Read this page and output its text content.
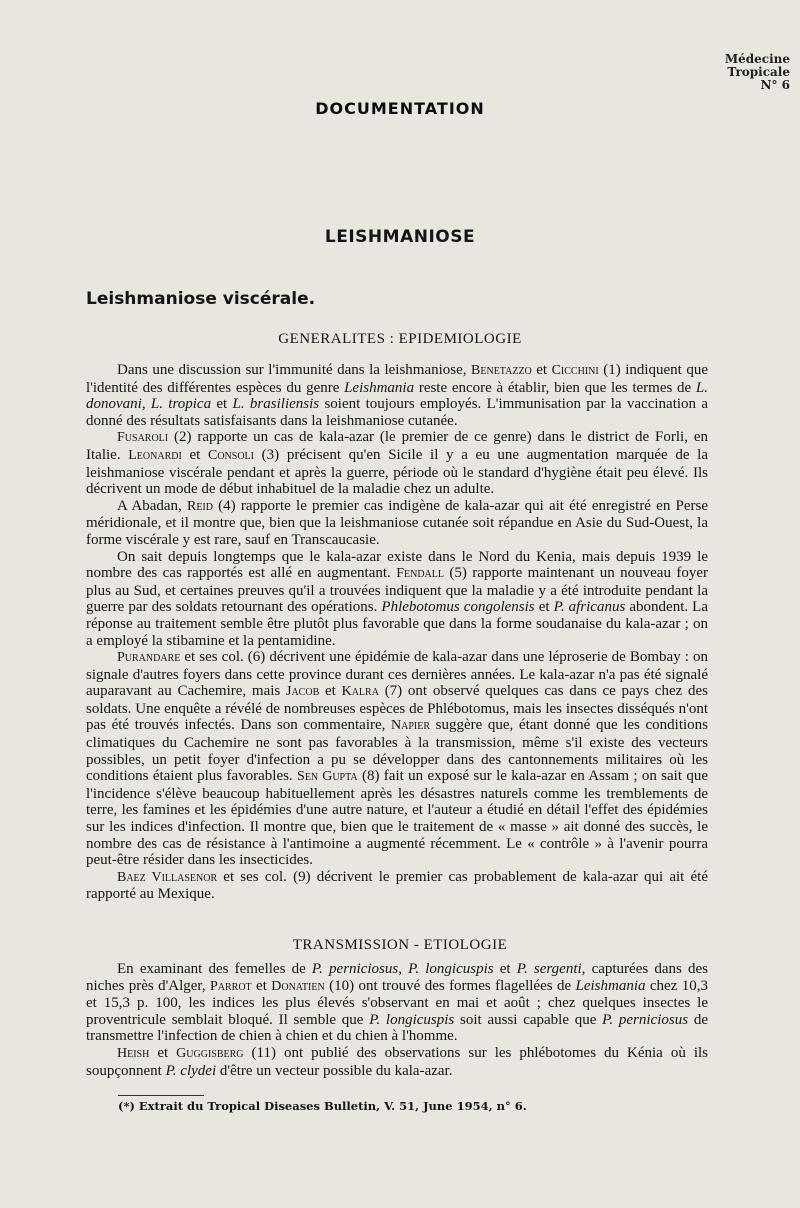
Médecine
Tropicale
N° 6
DOCUMENTATION
LEISHMANIOSE
Leishmaniose viscérale.
GENERALITES : EPIDEMIOLOGIE

Dans une discussion sur l'immunité dans la leishmaniose, Benetazzo et Cicchini (1) indiquent que l'identité des différentes espèces du genre Leishmania reste encore à établir, bien que les termes de L. donovani, L. tropica et L. brasiliensis soient toujours employés. L'immunisation par la vaccination a donné des résultats satisfaisants dans la leishmaniose cutanée.

Fusaroli (2) rapporte un cas de kala-azar (le premier de ce genre) dans le district de Forli, en Italie. Leonardi et Consoli (3) précisent qu'en Sicile il y a eu une augmentation marquée de la leishmaniose viscérale pendant et après la guerre, période où le standard d'hygiène était peu élevé. Ils décrivent un mode de début inhabituel de la maladie chez un adulte.

A Abadan, Reid (4) rapporte le premier cas indigène de kala-azar qui ait été enregistré en Perse méridionale, et il montre que, bien que la leishmaniose cutanée soit répandue en Asie du Sud-Ouest, la forme viscérale y est rare, sauf en Transcaucasie.

On sait depuis longtemps que le kala-azar existe dans le Nord du Kenia, mais depuis 1939 le nombre des cas rapportés est allé en augmentant. Fendall (5) rapporte maintenant un nouveau foyer plus au Sud, et certaines preuves qu'il a trouvées indiquent que la maladie y a été introduite pendant la guerre par des soldats retournant des opérations. Phlebotomus congolensis et P. africanus abondent. La réponse au traitement semble être plutôt plus favorable que dans la forme soudanaise du kala-azar ; on a employé la stibamine et la pentamidine.

Purandare et ses col. (6) décrivent une épidémie de kala-azar dans une léproserie de Bombay : on signale d'autres foyers dans cette province durant ces dernières années. Le kala-azar n'a pas été signalé auparavant au Cachemire, mais Jacob et Kalra (7) ont observé quelques cas dans ce pays chez des soldats. Une enquête a révélé de nombreuses espèces de Phlébotomus, mais les insectes disséqués n'ont pas été trouvés infectés. Dans son commentaire, Napier suggère que, étant donné que les conditions climatiques du Cachemire ne sont pas favorables à la transmission, même s'il existe des vecteurs possibles, un petit foyer d'infection a pu se développer dans des cantonnements militaires où les conditions étaient plus favorables. Sen Gupta (8) fait un exposé sur le kala-azar en Assam ; on sait que l'incidence s'élève beaucoup habituellement après les désastres naturels comme les tremblements de terre, les famines et les épidémies d'une autre nature, et l'auteur a étudié en détail l'effet des épidémies sur les indices d'infection. Il montre que, bien que le traitement de « masse » ait donné des succès, le nombre des cas de résistance à l'antimoine a augmenté récemment. Le « contrôle » à l'avenir pourra peut-être résider dans les insecticides.

Baez Villasenor et ses col. (9) décrivent le premier cas probablement de kala-azar qui ait été rapporté au Mexique.

TRANSMISSION - ETIOLOGIE

En examinant des femelles de P. perniciosus, P. longicuspis et P. sergenti, capturées dans des niches près d'Alger, Parrot et Donatien (10) ont trouvé des formes flagellées de Leishmania chez 10,3 et 15,3 p. 100, les indices les plus élevés s'observant en mai et août ; chez quelques insectes le proventricule semblait bloqué. Il semble que P. longicuspis soit aussi capable que P. perniciosus de transmettre l'infection de chien à chien et du chien à l'homme.

Heish et Guggisberg (11) ont publié des observations sur les phlébotomes du Kénia où ils soupçonnent P. clydei d'être un vecteur possible du kala-azar.

(*) Extrait du Tropical Diseases Bulletin, V. 51, June 1954, n° 6.
